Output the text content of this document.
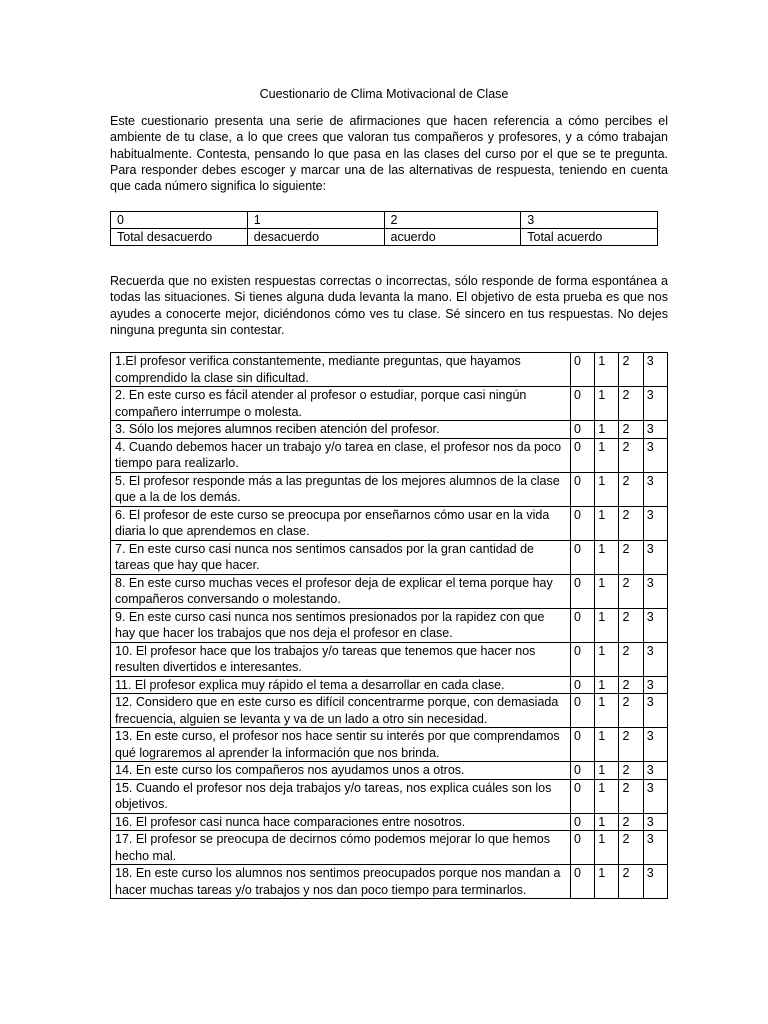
Cuestionario de Clima Motivacional de Clase
Este cuestionario presenta una serie de afirmaciones que hacen referencia a cómo percibes el ambiente de tu clase, a lo que crees que valoran tus compañeros y profesores, y a cómo trabajan habitualmente. Contesta, pensando lo que pasa en las clases del curso por el que se te pregunta. Para responder debes escoger y marcar una de las alternativas de respuesta, teniendo en cuenta que cada número significa lo siguiente:
0	1	2	3
Total desacuerdo	desacuerdo	acuerdo	Total acuerdo
Recuerda que no existen respuestas correctas o incorrectas, sólo responde de forma espontánea a todas las situaciones. Si tienes alguna duda levanta la mano. El objetivo de esta prueba es que nos ayudes a conocerte mejor, diciéndonos cómo ves tu clase. Sé sincero en tus respuestas. No dejes ninguna pregunta sin contestar.
1.El profesor verifica constantemente, mediante preguntas, que hayamos comprendido la clase sin dificultad.	0	1	2	3
2. En este curso es fácil atender al profesor o estudiar, porque casi ningún compañero interrumpe o molesta.	0	1	2	3
3. Sólo los mejores alumnos reciben atención del profesor.	0	1	2	3
4. Cuando debemos hacer un trabajo y/o tarea en clase, el profesor nos da poco tiempo para realizarlo.	0	1	2	3
5. El profesor responde más a las preguntas de los mejores alumnos de la clase que a la de los demás.	0	1	2	3
6. El profesor de este curso se preocupa por enseñarnos cómo usar en la vida diaria lo que aprendemos en clase.	0	1	2	3
7. En este curso casi nunca nos sentimos cansados por la gran cantidad de tareas que hay que hacer.	0	1	2	3
8. En este curso muchas veces el profesor deja de explicar el tema porque hay compañeros conversando o molestando.	0	1	2	3
9. En este curso casi nunca nos sentimos presionados por la rapidez con que hay que hacer los trabajos que nos deja el profesor en clase.	0	1	2	3
10. El profesor hace que los trabajos y/o tareas que tenemos que hacer nos resulten divertidos e interesantes.	0	1	2	3
11. El profesor explica muy rápido el tema a desarrollar en cada clase.	0	1	2	3
12. Considero que en este curso es difícil concentrarme porque, con demasiada frecuencia, alguien se levanta y va de un lado a otro sin necesidad.	0	1	2	3
13. En este curso, el profesor nos hace sentir su interés por que comprendamos qué lograremos al aprender la información que nos brinda.	0	1	2	3
14. En este curso los compañeros nos ayudamos unos a otros.	0	1	2	3
15. Cuando el profesor nos deja trabajos y/o tareas, nos explica cuáles son los objetivos.	0	1	2	3
16. El profesor casi nunca hace comparaciones entre nosotros.	0	1	2	3
17. El profesor se preocupa de decirnos cómo podemos mejorar lo que hemos hecho mal.	0	1	2	3
18. En este curso los alumnos nos sentimos preocupados porque nos mandan a hacer muchas tareas y/o trabajos y nos dan poco tiempo para terminarlos.	0	1	2	3
